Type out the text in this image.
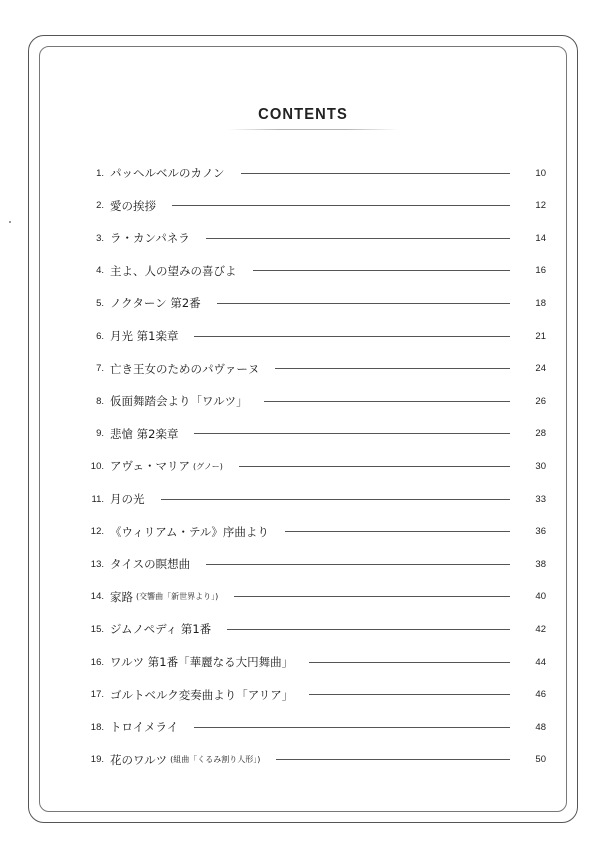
CONTENTS
1. パッヘルベルのカノン	10
2. 愛の挨拶	12
3. ラ・カンパネラ	14
4. 主よ、人の望みの喜びよ	16
5. ノクターン 第2番	18
6. 月光 第1楽章	21
7. 亡き王女のためのパヴァーヌ	24
8. 仮面舞踏会より「ワルツ」	26
9. 悲愴 第2楽章	28
10. アヴェ・マリア (グノー)	30
11. 月の光	33
12. 《ウィリアム・テル》序曲より	36
13. タイスの瞑想曲	38
14. 家路 (交響曲「新世界より」)	40
15. ジムノペディ 第1番	42
16. ワルツ 第1番「華麗なる大円舞曲」	44
17. ゴルトベルク変奏曲より「アリア」	46
18. トロイメライ	48
19. 花のワルツ (組曲「くるみ割り人形」)	50
